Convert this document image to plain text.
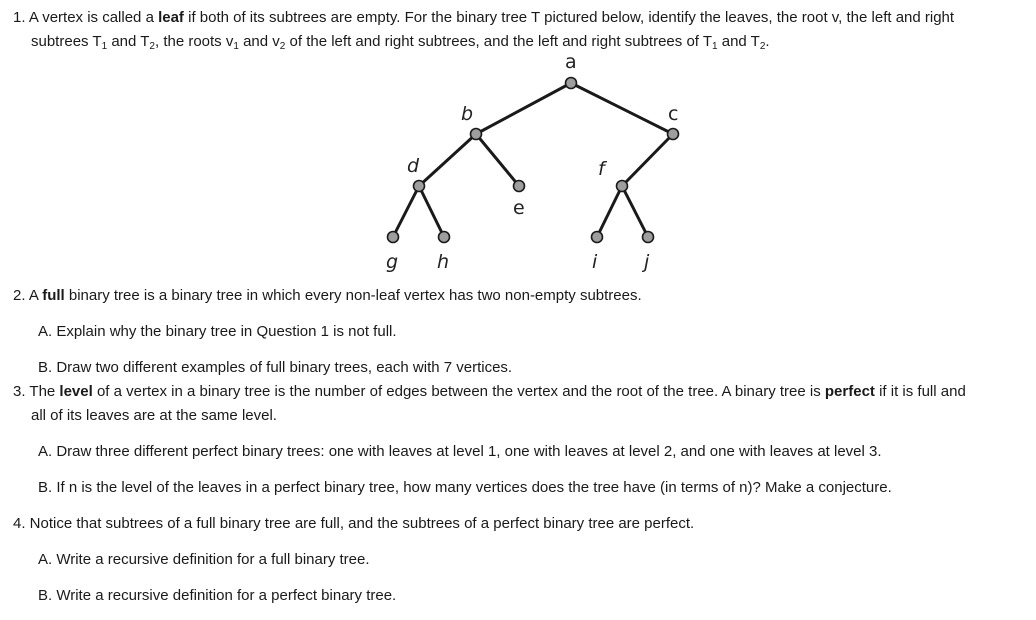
1. A vertex is called a leaf if both of its subtrees are empty. For the binary tree T pictured below, identify the leaves, the root v, the left and right
subtrees $T_1$ and $T_2$, the roots $v_1$ and $v_2$ of the left and right subtrees, and the left and right subtrees of $T_1$ and $T_2$.
a
b	c
d
e
f
g h	i j
2. A full binary tree is a binary tree in which every non-leaf vertex has two non-empty subtrees.
A. Explain why the binary tree in Question 1 is not full.
B. Draw two different examples of full binary trees, each with 7 vertices.
3. The level of a vertex in a binary tree is the number of edges between the vertex and the root of the tree. A binary tree is perfect if it is full and
all of its leaves are at the same level.
A. Draw three different perfect binary trees: one with leaves at level 1, one with leaves at level 2, and one with leaves at level 3.
B. If n is the level of the leaves in a perfect binary tree, how many vertices does the tree have (in terms of n)? Make a conjecture.
4. Notice that subtrees of a full binary tree are full, and the subtrees of a perfect binary tree are perfect.
A. Write a recursive definition for a full binary tree.
B. Write a recursive definition for a perfect binary tree.
